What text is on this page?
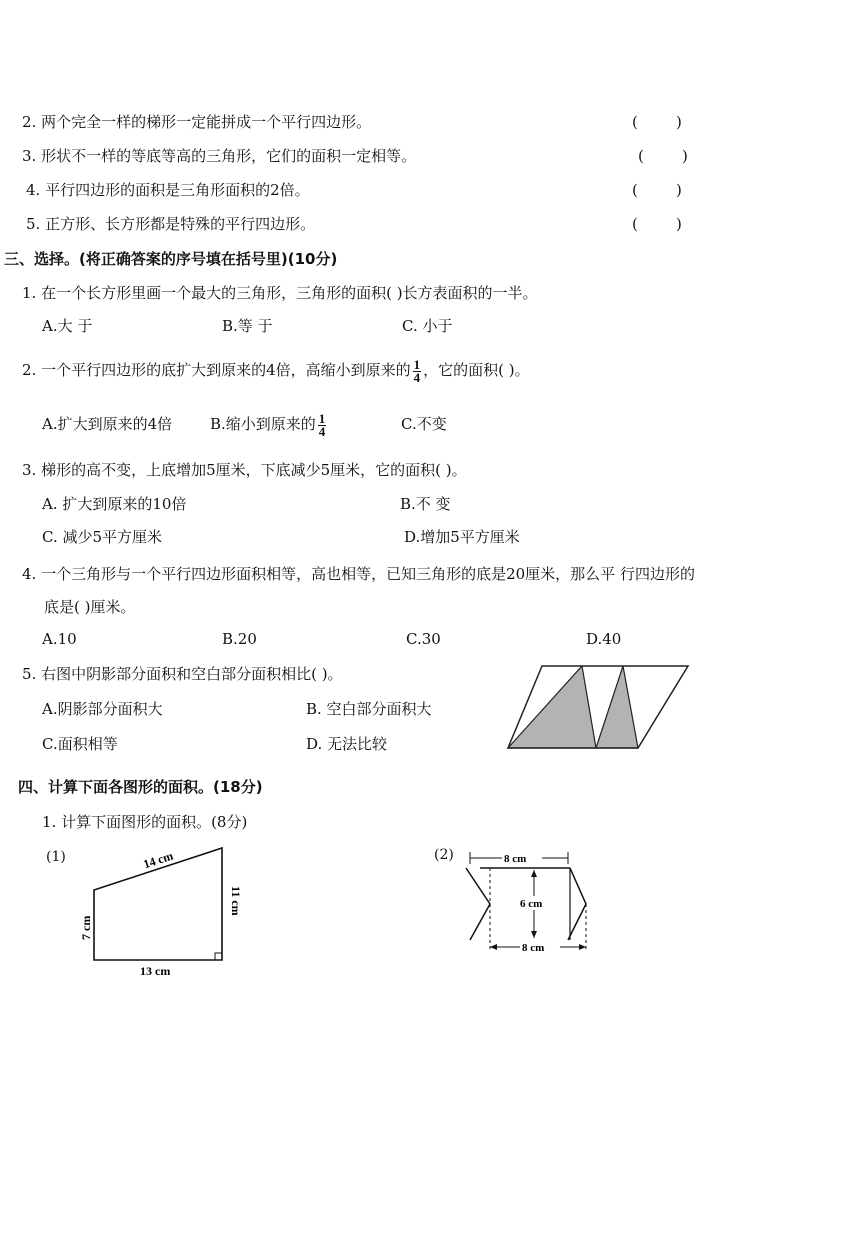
2. 两个完全一样的梯形一定能拼成一个平行四边形。	(        )
3. 形状不一样的等底等高的三角形，它们的面积一定相等。	(        )
4. 平行四边形的面积是三角形面积的2倍。	(        )
5. 正方形、长方形都是特殊的平行四边形。	(        )
三、选择。(将正确答案的序号填在括号里)(10分)
1. 在一个长方形里画一个最大的三角形，三角形的面积( )长方表面积的一半。
A.大 于	B.等 于	C. 小于
2. 一个平行四边形的底扩大到原来的4倍，高缩小到原来的 $\frac{1}{4}$ ，它的面积( )。
A.扩大到原来的4倍	B.缩小到原来的 $\frac{1}{4}$	C.不变
3. 梯形的高不变，上底增加5厘米，下底减少5厘米，它的面积( )。
A. 扩大到原来的10倍	B.不 变
C. 减少5平方厘米	D.增加5平方厘米
4. 一个三角形与一个平行四边形面积相等，高也相等，已知三角形的底是20厘米，那么平 行四边形的
底是( )厘米。
A.10	B.20	C.30	D.40
5. 右图中阴影部分面积和空白部分面积相比( )。
A.阴影部分面积大	B. 空白部分面积大
C.面积相等	D. 无法比较
四、计算下面各图形的面积。(18分)
1. 计算下面图形的面积。(8分)
(1)	14 cm
11 cm
7 cm
13 cm
(2)	8 cm
6 cm
8 cm
